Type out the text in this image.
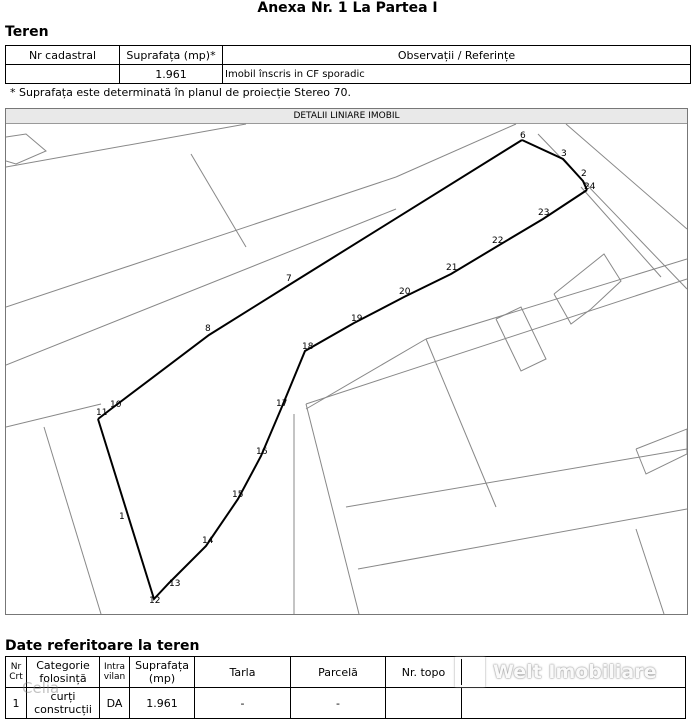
Anexa Nr. 1 La Partea I
Teren
Nr cadastral	Suprafața (mp)*	Observații / Referințe
	1.961	Imobil înscris in CF sporadic
* Suprafața este determinată în planul de proiecție Stereo 70.
DETALII LINIARE IMOBIL
6
3
2
24
23
22
21
20
19
18
17
16
15
14
13
12
11
10
8
7
1
Date referitoare la teren
Nr Crt	Categorie folosință	Intra vilan	Suprafața (mp)	Tarla	Parcelă	Nr. topo	
1	curți construcții	DA	1.961	-	-		
Celia
Welt Imobiliare
